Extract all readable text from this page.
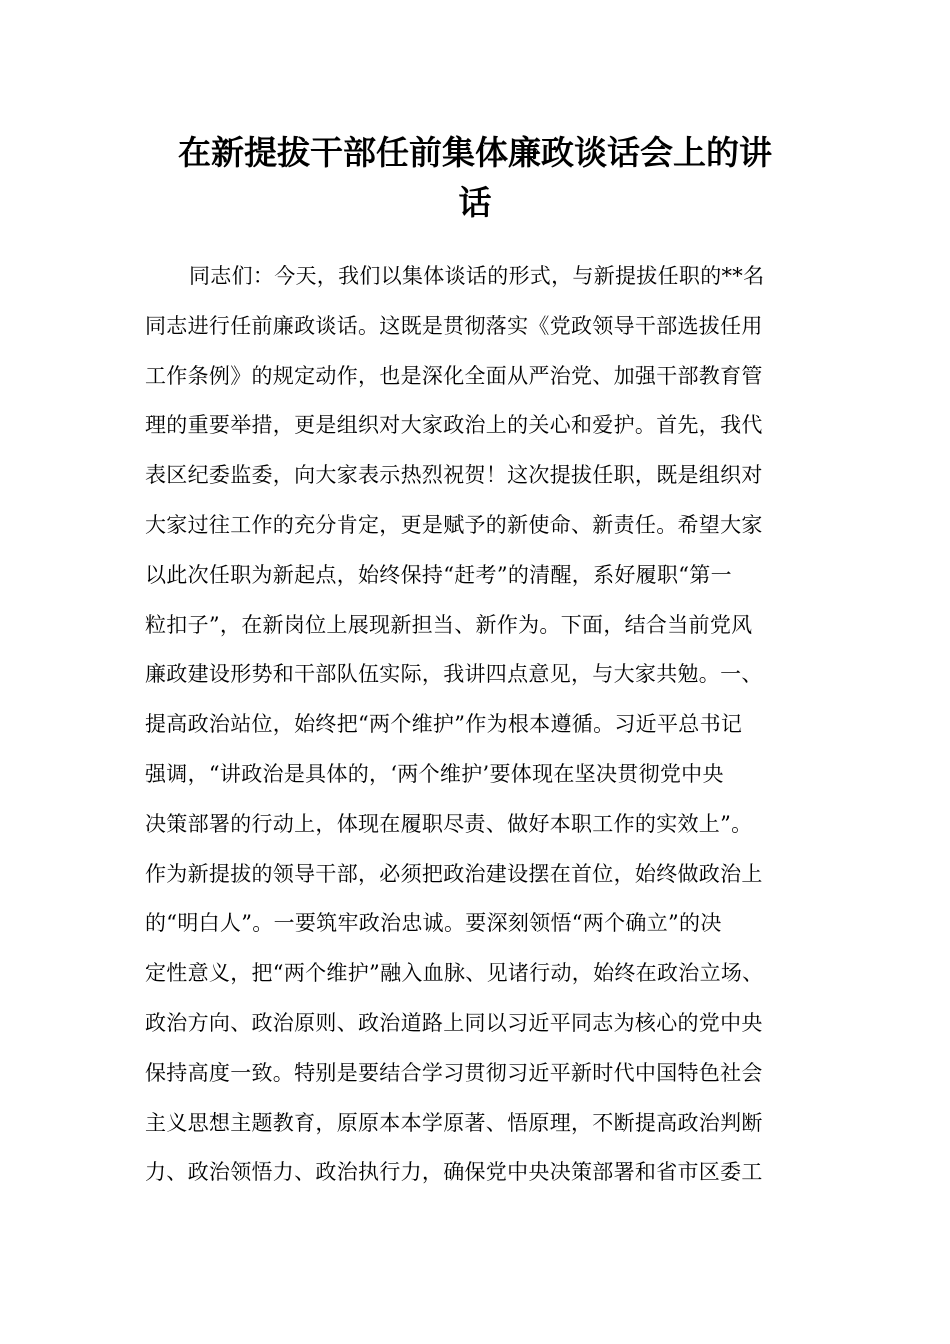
在新提拔干部任前集体廉政谈话会上的讲
话
同志们：今天，我们以集体谈话的形式，与新提拔任职的**名
同志进行任前廉政谈话。这既是贯彻落实《党政领导干部选拔任用
工作条例》的规定动作，也是深化全面从严治党、加强干部教育管
理的重要举措，更是组织对大家政治上的关心和爱护。首先，我代
表区纪委监委，向大家表示热烈祝贺！这次提拔任职，既是组织对
大家过往工作的充分肯定，更是赋予的新使命、新责任。希望大家
以此次任职为新起点，始终保持“赶考”的清醒，系好履职“第一
粒扣子”，在新岗位上展现新担当、新作为。下面，结合当前党风
廉政建设形势和干部队伍实际，我讲四点意见，与大家共勉。一、
提高政治站位，始终把“两个维护”作为根本遵循。习近平总书记
强调，“讲政治是具体的，‘两个维护’要体现在坚决贯彻党中央
决策部署的行动上，体现在履职尽责、做好本职工作的实效上”。
作为新提拔的领导干部，必须把政治建设摆在首位，始终做政治上
的“明白人”。一要筑牢政治忠诚。要深刻领悟“两个确立”的决
定性意义，把“两个维护”融入血脉、见诸行动，始终在政治立场、
政治方向、政治原则、政治道路上同以习近平同志为核心的党中央
保持高度一致。特别是要结合学习贯彻习近平新时代中国特色社会
主义思想主题教育，原原本本学原著、悟原理，不断提高政治判断
力、政治领悟力、政治执行力，确保党中央决策部署和省市区委工
